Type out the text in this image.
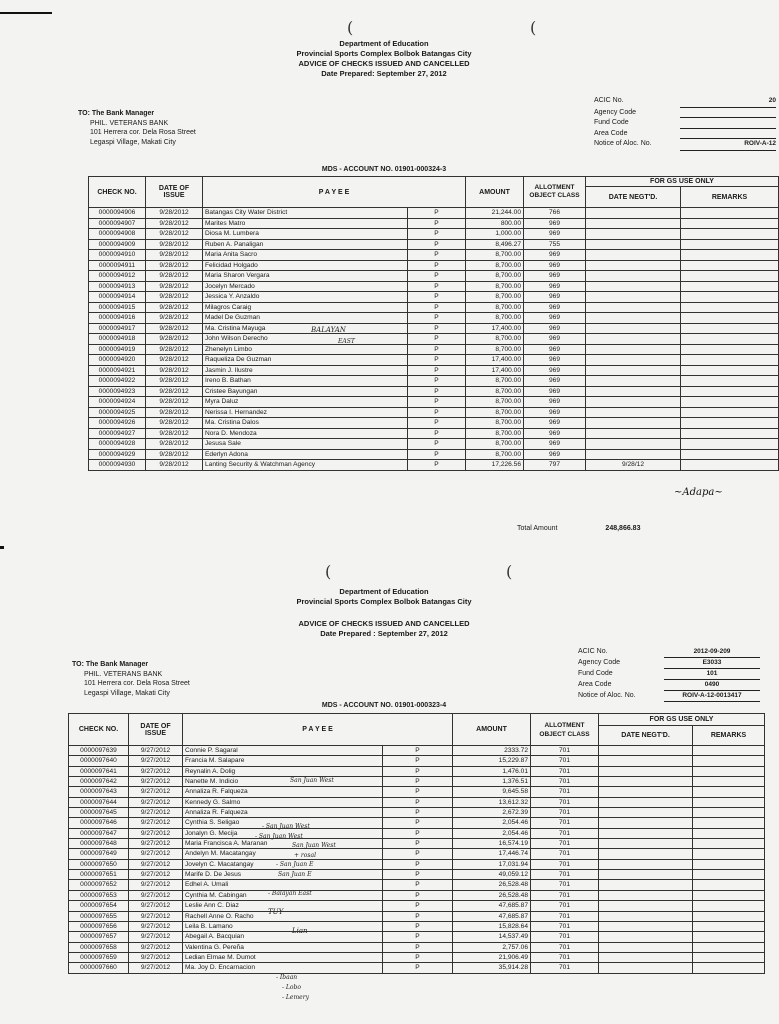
(	(
Department of Education
Provincial Sports Complex Bolbok Batangas City
ADVICE OF CHECKS ISSUED AND CANCELLED
Date Prepared: September 27, 2012
TO: The Bank Manager
PHIL. VETERANS BANK
101 Herrera cor. Dela Rosa Street
Legaspi Village, Makati City
ACIC No.	20
Agency Code
Fund Code
Area Code
Notice of Aloc. No.	ROIV-A-12
MDS - ACCOUNT NO. 01901-000324-3
CHECK NO.	DATE OF ISSUE	P A Y E E		AMOUNT	ALLOTMENT OBJECT CLASS	FOR GS USE ONLY	
						DATE NEGT'D.	REMARKS
0000094906	9/28/2012	Batangas City Water District	P	21,244.00	766		
0000094907	9/28/2012	Marites Matro	P	800.00	969		
0000094908	9/28/2012	Diosa M. Lumbera	P	1,000.00	969		
0000094909	9/28/2012	Ruben A. Panaligan	P	8,496.27	755		
0000094910	9/28/2012	Maria Anita Sacro	P	8,700.00	969		
0000094911	9/28/2012	Felicidad Holgado	P	8,700.00	969		
0000094912	9/28/2012	Maria Sharon Vergara	P	8,700.00	969		
0000094913	9/28/2012	Jocelyn Mercado	P	8,700.00	969		
0000094914	9/28/2012	Jessica Y. Anzaldo	P	8,700.00	969		
0000094915	9/28/2012	Milagros Caraig	P	8,700.00	969		
0000094916	9/28/2012	Madel De Guzman	P	8,700.00	969		
0000094917	9/28/2012	Ma. Cristina Mayuga	P	17,400.00	969		
0000094918	9/28/2012	John Wilson Derecho	P	8,700.00	969		
0000094919	9/28/2012	Zhenelyn Limbo	P	8,700.00	969		
0000094920	9/28/2012	Raqueliza De Guzman	P	17,400.00	969		
0000094921	9/28/2012	Jasmin J. Ilustre	P	17,400.00	969		
0000094922	9/28/2012	Ireno B. Bathan	P	8,700.00	969		
0000094923	9/28/2012	Cristee Bayungan	P	8,700.00	969		
0000094924	9/28/2012	Myra Daluz	P	8,700.00	969		
0000094925	9/28/2012	Nerissa I. Hernandez	P	8,700.00	969		
0000094926	9/28/2012	Ma. Cristina Dalos	P	8,700.00	969		
0000094927	9/28/2012	Nora D. Mendoza	P	8,700.00	969		
0000094928	9/28/2012	Jesusa Sale	P	8,700.00	969		
0000094929	9/28/2012	Ederlyn Adona	P	8,700.00	969		
0000094930	9/28/2012	Lanting Security & Watchman Agency	P	17,226.56	797	9/28/12	
BALAYAN
EAST
~Adapa~
Total Amount	248,866.83
(	(
Department of Education
Provincial Sports Complex Bolbok Batangas City
ADVICE OF CHECKS ISSUED AND CANCELLED
Date Prepared : September 27, 2012
TO: The Bank Manager
PHIL. VETERANS BANK
101 Herrera cor. Dela Rosa Street
Legaspi Village, Makati City
ACIC No.	2012-09-209
Agency Code	E3033
Fund Code	101
Area Code	0490
Notice of Aloc. No.	ROIV-A-12-0013417
MDS - ACCOUNT NO. 01901-000323-4
CHECK NO.	DATE OF ISSUE	P A Y E E		AMOUNT	ALLOTMENT OBJECT CLASS	FOR GS USE ONLY	
						DATE NEGT'D.	REMARKS
0000097639	9/27/2012	Connie P. Sagaral	P	2333.72	701		
0000097640	9/27/2012	Francia M. Salapare	P	15,229.87	701		
0000097641	9/27/2012	Reynalin A. Dolig	P	1,476.01	701		
0000097642	9/27/2012	Nanette M. Indicio	P	1,376.51	701		
0000097643	9/27/2012	Annaliza R. Falqueza	P	9,645.58	701		
0000097644	9/27/2012	Kennedy G. Salmo	P	13,612.32	701		
0000097645	9/27/2012	Annaliza R. Falqueza	P	2,672.39	701		
0000097646	9/27/2012	Cynthia S. Seligao	P	2,054.46	701		
0000097647	9/27/2012	Jonalyn G. Mecija	P	2,054.46	701		
0000097648	9/27/2012	Maria Francisca A. Maranan	P	16,574.19	701		
0000097649	9/27/2012	Andelyn M. Macatangay	P	17,446.74	701		
0000097650	9/27/2012	Jovelyn C. Macatangay	P	17,031.94	701		
0000097651	9/27/2012	Marife D. De Jesus	P	49,059.12	701		
0000097652	9/27/2012	Edhel A. Umali	P	26,528.48	701		
0000097653	9/27/2012	Cynthia M. Cabingan	P	26,528.48	701		
0000097654	9/27/2012	Leslie Ann C. Diaz	P	47,685.87	701		
0000097655	9/27/2012	Rachell Anne O. Racho	P	47,685.87	701		
0000097656	9/27/2012	Leila B. Lamano	P	15,828.64	701		
0000097657	9/27/2012	Abegail A. Bacquian	P	14,537.49	701		
0000097658	9/27/2012	Valentina G. Pereña	P	2,757.06	701		
0000097659	9/27/2012	Ledian Elmae M. Dumot	P	21,906.49	701		
0000097660	9/27/2012	Ma. Joy D. Encarnacion	P	35,914.28	701		
San Juan West
- San Juan West
- San Juan West
San Juan West
+ rosal
- San Juan E
San Juan E
- Balayan East
TUY
Lian
- Ibaan
- Lobo
- Lemery
